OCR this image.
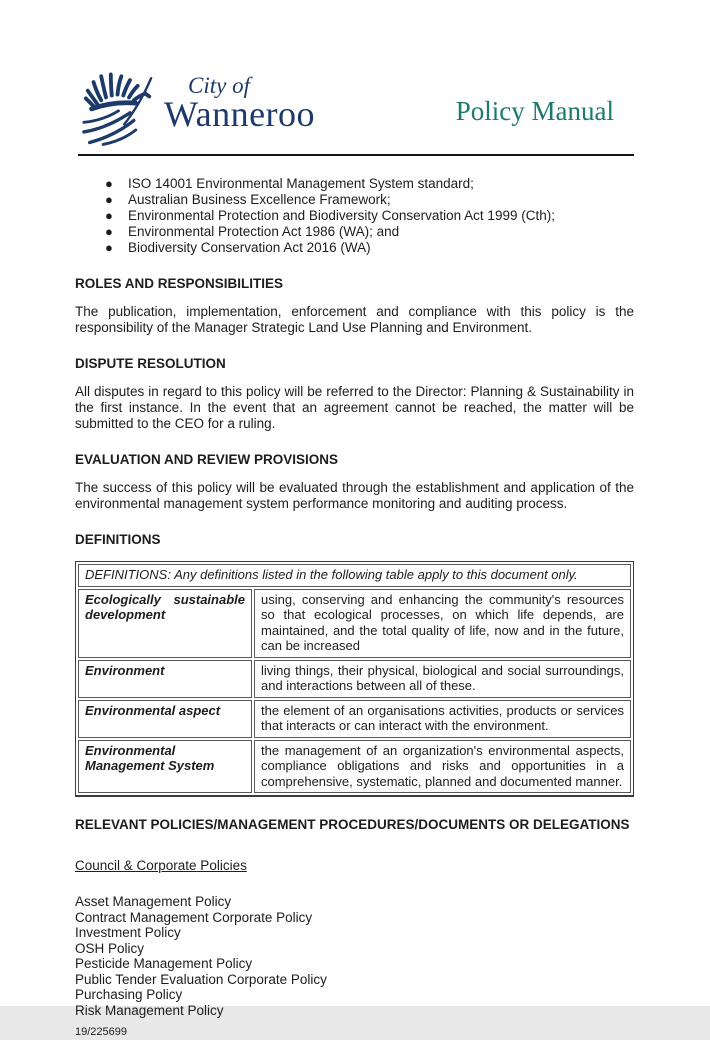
City of
Wanneroo	Policy Manual
●	ISO 14001 Environmental Management System standard;
●	Australian Business Excellence Framework;
●	Environmental Protection and Biodiversity Conservation Act 1999 (Cth);
●	Environmental Protection Act 1986 (WA); and
●	Biodiversity Conservation Act 2016 (WA)
ROLES AND RESPONSIBILITIES
The publication, implementation, enforcement and compliance with this policy is the responsibility of the Manager Strategic Land Use Planning and Environment.
DISPUTE RESOLUTION
All disputes in regard to this policy will be referred to the Director: Planning & Sustainability in the first instance. In the event that an agreement cannot be reached, the matter will be submitted to the CEO for a ruling.
EVALUATION AND REVIEW PROVISIONS
The success of this policy will be evaluated through the establishment and application of the environmental management system performance monitoring and auditing process.
DEFINITIONS
DEFINITIONS: Any definitions listed in the following table apply to this document only.	
Ecologically sustainable development	using, conserving and enhancing the community's resources so that ecological processes, on which life depends, are maintained, and the total quality of life, now and in the future, can be increased
Environment	living things, their physical, biological and social surroundings, and interactions between all of these.
Environmental aspect	the element of an organisations activities, products or services that interacts or can interact with the environment.
Environmental Management System	the management of an organization's environmental aspects, compliance obligations and risks and opportunities in a comprehensive, systematic, planned and documented manner.
RELEVANT POLICIES/MANAGEMENT PROCEDURES/DOCUMENTS OR DELEGATIONS
Council & Corporate Policies
Asset Management Policy
Contract Management Corporate Policy
Investment Policy
OSH Policy
Pesticide Management Policy
Public Tender Evaluation Corporate Policy
Purchasing Policy
Risk Management Policy
19/225699
